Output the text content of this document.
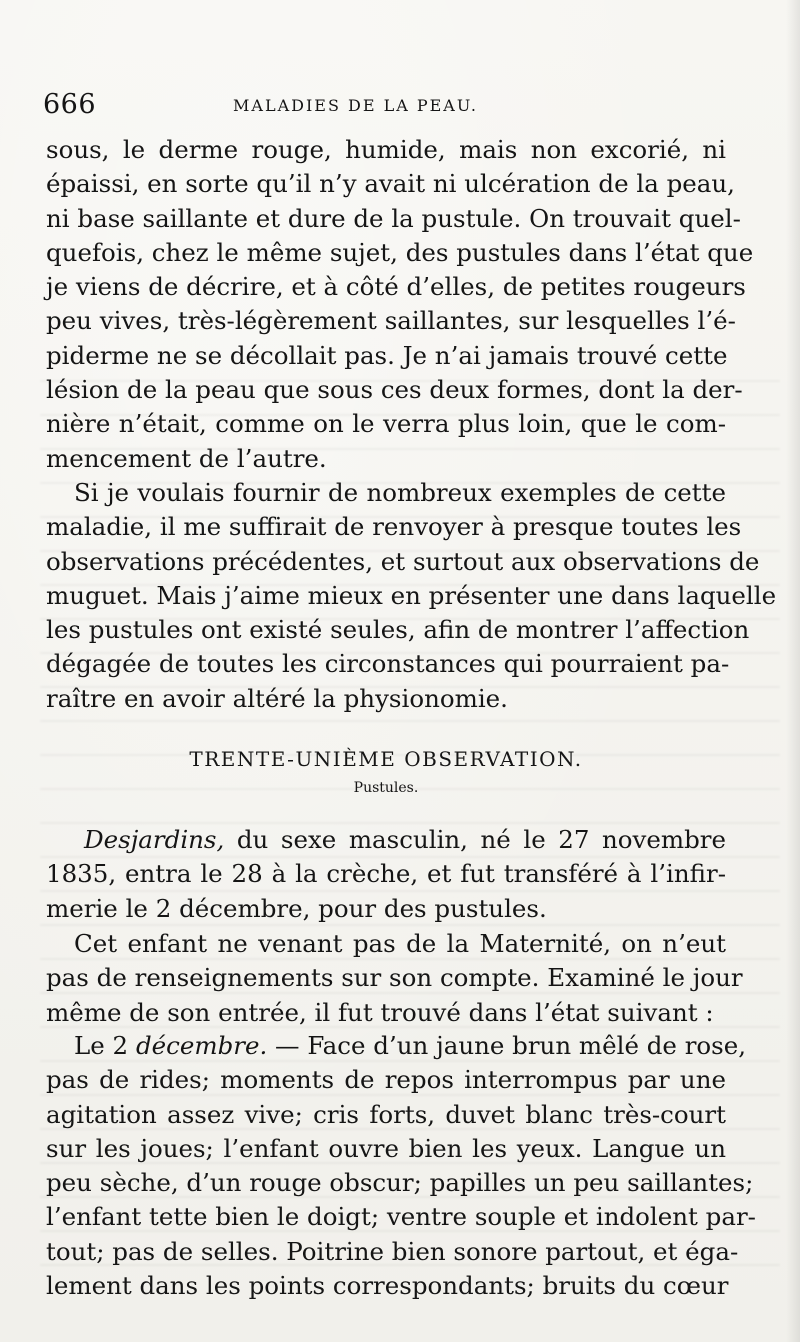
666	MALADIES DE LA PEAU.
sous, le derme rouge, humide, mais non excorié, ni
épaissi, en sorte qu’il n’y avait ni ulcération de la peau,
ni base saillante et dure de la pustule. On trouvait quel-
quefois, chez le même sujet, des pustules dans l’état que
je viens de décrire, et à côté d’elles, de petites rougeurs
peu vives, très-légèrement saillantes, sur lesquelles l’é-
piderme ne se décollait pas. Je n’ai jamais trouvé cette
lésion de la peau que sous ces deux formes, dont la der-
nière n’était, comme on le verra plus loin, que le com-
mencement de l’autre.
Si je voulais fournir de nombreux exemples de cette
maladie, il me suffirait de renvoyer à presque toutes les
observations précédentes, et surtout aux observations de
muguet. Mais j’aime mieux en présenter une dans laquelle
les pustules ont existé seules, afin de montrer l’affection
dégagée de toutes les circonstances qui pourraient pa-
raître en avoir altéré la physionomie.
TRENTE-UNIÈME OBSERVATION.
Pustules.
Desjardins, du sexe masculin, né le 27 novembre
1835, entra le 28 à la crèche, et fut transféré à l’infir-
merie le 2 décembre, pour des pustules.
Cet enfant ne venant pas de la Maternité, on n’eut
pas de renseignements sur son compte. Examiné le jour
même de son entrée, il fut trouvé dans l’état suivant :
Le 2 décembre. — Face d’un jaune brun mêlé de rose,
pas de rides; moments de repos interrompus par une
agitation assez vive; cris forts, duvet blanc très-court
sur les joues; l’enfant ouvre bien les yeux. Langue un
peu sèche, d’un rouge obscur; papilles un peu saillantes;
l’enfant tette bien le doigt; ventre souple et indolent par-
tout; pas de selles. Poitrine bien sonore partout, et éga-
lement dans les points correspondants; bruits du cœur
